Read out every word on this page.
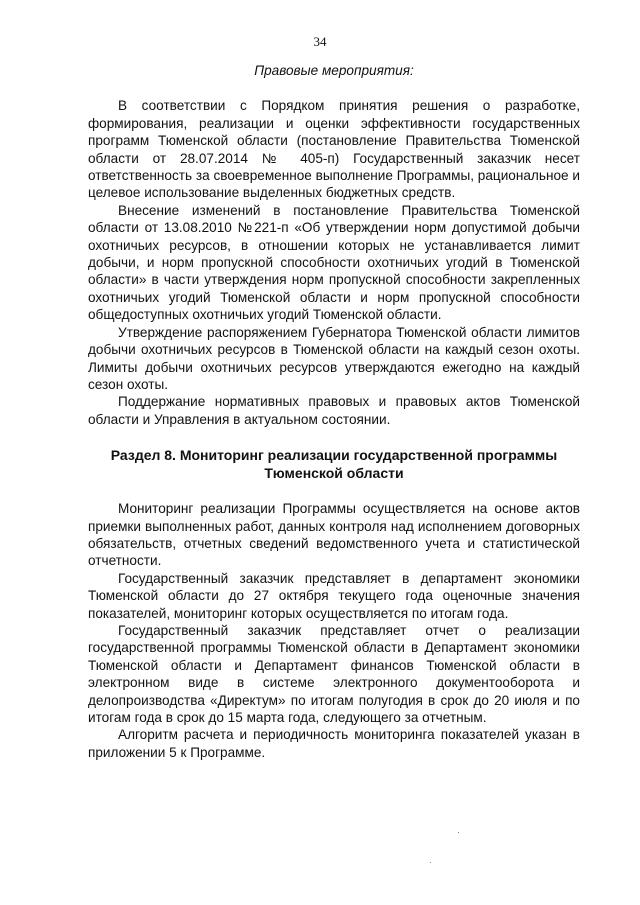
34

Правовые мероприятия:

В соответствии с Порядком принятия решения о разработке, формирования, реализации и оценки эффективности государственных программ Тюменской области (постановление Правительства Тюменской области от 28.07.2014 № 405-п) Государственный заказчик несет ответственность за своевременное выполнение Программы, рациональное и целевое использование выделенных бюджетных средств.

Внесение изменений в постановление Правительства Тюменской области от 13.08.2010 №221-п «Об утверждении норм допустимой добычи охотничьих ресурсов, в отношении которых не устанавливается лимит добычи, и норм пропускной способности охотничьих угодий в Тюменской области» в части утверждения норм пропускной способности закрепленных охотничьих угодий Тюменской области и норм пропускной способности общедоступных охотничьих угодий Тюменской области.

Утверждение распоряжением Губернатора Тюменской области лимитов добычи охотничьих ресурсов в Тюменской области на каждый сезон охоты. Лимиты добычи охотничьих ресурсов утверждаются ежегодно на каждый сезон охоты.

Поддержание нормативных правовых и правовых актов Тюменской области и Управления в актуальном состоянии.

Раздел 8. Мониторинг реализации государственной программы
Тюменской области

Мониторинг реализации Программы осуществляется на основе актов приемки выполненных работ, данных контроля над исполнением договорных обязательств, отчетных сведений ведомственного учета и статистической отчетности.

Государственный заказчик представляет в департамент экономики Тюменской области до 27 октября текущего года оценочные значения показателей, мониторинг которых осуществляется по итогам года.

Государственный заказчик представляет отчет о реализации государственной программы Тюменской области в Департамент экономики Тюменской области и Департамент финансов Тюменской области в электронном виде в системе электронного документооборота и делопроизводства «Директум» по итогам полугодия в срок до 20 июля и по итогам года в срок до 15 марта года, следующего за отчетным.

Алгоритм расчета и периодичность мониторинга показателей указан в приложении 5 к Программе.
